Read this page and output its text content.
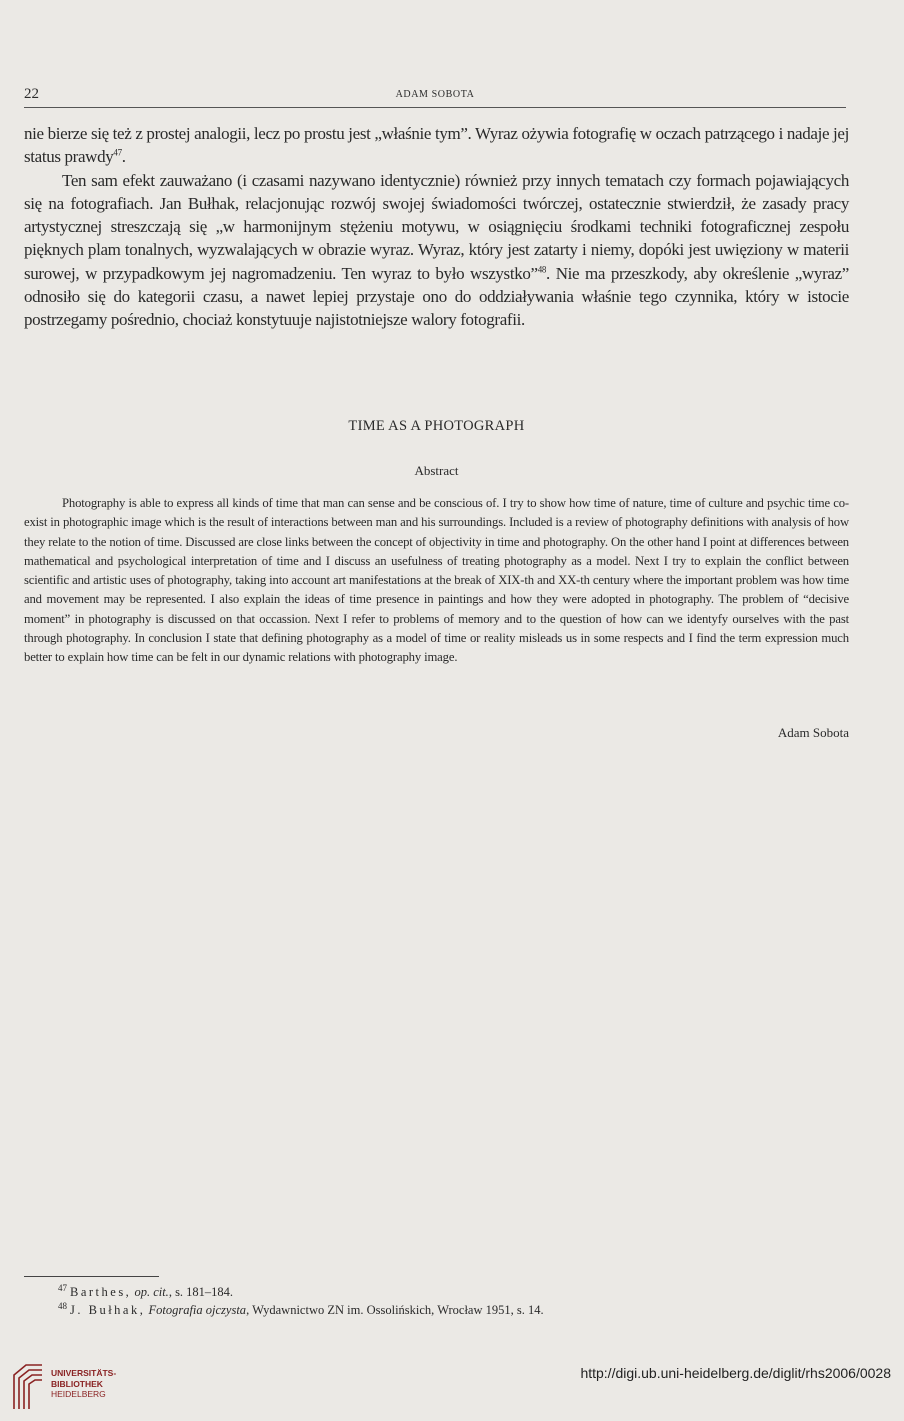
22	ADAM SOBOTA

nie bierze się też z prostej analogii, lecz po prostu jest „właśnie tym”. Wyraz ożywia fotografię w oczach patrzącego i nadaje jej status prawdy$^{47}$.

Ten sam efekt zauważano (i czasami nazywano identycznie) również przy innych tematach czy formach pojawiających się na fotografiach. Jan Bułhak, relacjonując rozwój swojej świadomości twórczej, ostatecznie stwierdził, że zasady pracy artystycznej streszczają się „w harmonijnym stężeniu motywu, w osiągnięciu środkami techniki fotograficznej zespołu pięknych plam tonalnych, wyzwalających w obrazie wyraz. Wyraz, który jest zatarty i niemy, dopóki jest uwięziony w materii surowej, w przypadkowym jej nagromadzeniu. Ten wyraz to było wszystko”$^{48}$. Nie ma przeszkody, aby określenie „wyraz” odnosiło się do kategorii czasu, a nawet lepiej przystaje ono do oddziaływania właśnie tego czynnika, który w istocie postrzegamy pośrednio, chociaż konstytuuje najistotniejsze walory fotografii.

TIME AS A PHOTOGRAPH
Abstract

Photography is able to express all kinds of time that man can sense and be conscious of. I try to show how time of nature, time of culture and psychic time co-exist in photographic image which is the result of interactions between man and his surroundings. Included is a review of photography definitions with analysis of how they relate to the notion of time. Discussed are close links between the concept of objectivity in time and photography. On the other hand I point at differences between mathematical and psychological interpretation of time and I discuss an usefulness of treating photography as a model. Next I try to explain the conflict between scientific and artistic uses of photography, taking into account art manifestations at the break of XIX-th and XX-th century where the important problem was how time and movement may be represented. I also explain the ideas of time presence in paintings and how they were adopted in photography. The problem of “decisive moment” in photography is discussed on that occassion. Next I refer to problems of memory and to the question of how can we identyfy ourselves with the past through photography. In conclusion I state that defining photography as a model of time or reality misleads us in some respects and I find the term expression much better to explain how time can be felt in our dynamic relations with photography image.

Adam Sobota

$^{47}$ Barthes, op. cit., s. 181–184.

$^{48}$ J. Bułhak, Fotografia ojczysta, Wydawnictwo ZN im. Ossolińskich, Wrocław 1951, s. 14.

UNIVERSITÄTS-
BIBLIOTHEK
HEIDELBERG
http://digi.ub.uni-heidelberg.de/diglit/rhs2006/0028
